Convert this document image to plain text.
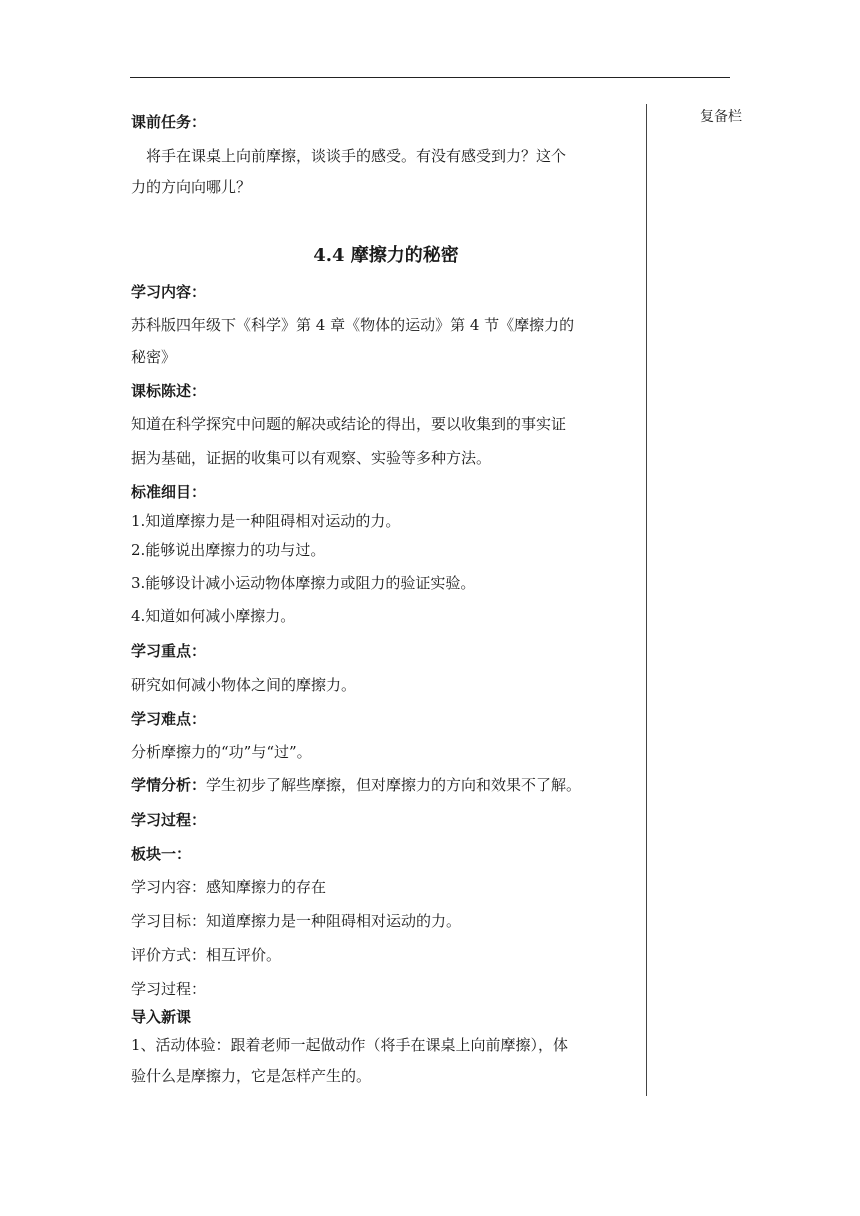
复备栏
课前任务：
　将手在课桌上向前摩擦，谈谈手的感受。有没有感受到力？这个
力的方向向哪儿？
4.4 摩擦力的秘密
学习内容：
苏科版四年级下《科学》第 4 章《物体的运动》第 4 节《摩擦力的
秘密》
课标陈述：
知道在科学探究中问题的解决或结论的得出，要以收集到的事实证
据为基础，证据的收集可以有观察、实验等多种方法。
标准细目：
1.知道摩擦力是一种阻碍相对运动的力。
2.能够说出摩擦力的功与过。
3.能够设计减小运动物体摩擦力或阻力的验证实验。
4.知道如何减小摩擦力。
学习重点：
研究如何减小物体之间的摩擦力。
学习难点：
分析摩擦力的“功”与“过”。
学情分析：学生初步了解些摩擦，但对摩擦力的方向和效果不了解。
学习过程：
板块一：
学习内容：感知摩擦力的存在
学习目标：知道摩擦力是一种阻碍相对运动的力。
评价方式：相互评价。
学习过程：
导入新课
1、活动体验：跟着老师一起做动作（将手在课桌上向前摩擦），体
验什么是摩擦力，它是怎样产生的。
